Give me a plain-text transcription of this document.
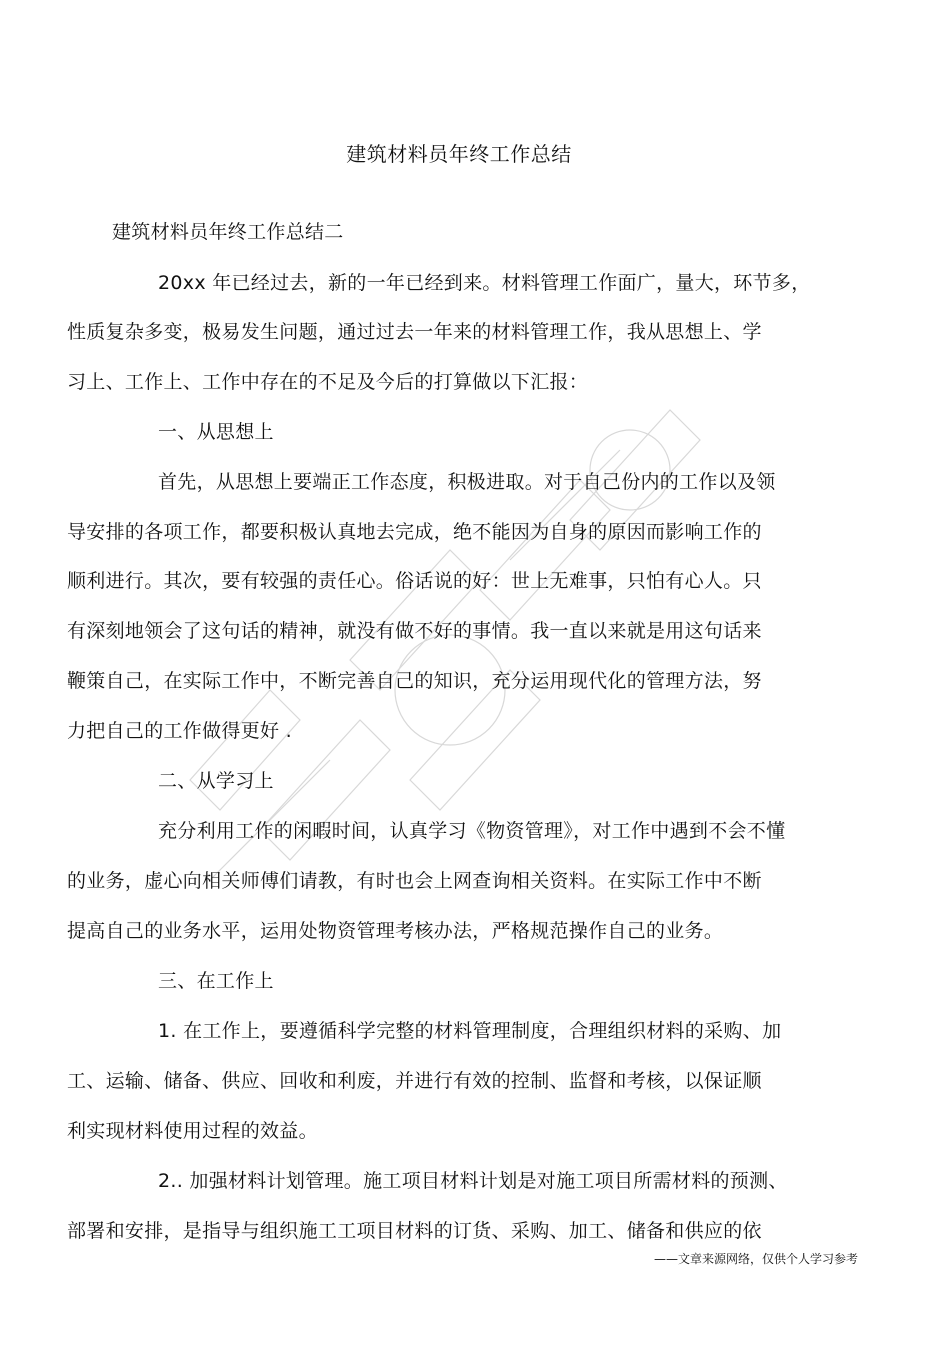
建筑材料员年终工作总结
建筑材料员年终工作总结二
20xx 年已经过去，新的一年已经到来。材料管理工作面广，量大，环节多，
性质复杂多变，极易发生问题，通过过去一年来的材料管理工作，我从思想上、学
习上、工作上、工作中存在的不足及今后的打算做以下汇报：
一、从思想上
首先，从思想上要端正工作态度，积极进取。对于自己份内的工作以及领
导安排的各项工作，都要积极认真地去完成，绝不能因为自身的原因而影响工作的
顺利进行。其次，要有较强的责任心。俗话说的好：世上无难事，只怕有心人。只
有深刻地领会了这句话的精神，就没有做不好的事情。我一直以来就是用这句话来
鞭策自己，在实际工作中，不断完善自己的知识，充分运用现代化的管理方法，努
力把自己的工作做得更好 .
二、从学习上
充分利用工作的闲暇时间，认真学习《物资管理》，对工作中遇到不会不懂
的业务，虚心向相关师傅们请教，有时也会上网查询相关资料。在实际工作中不断
提高自己的业务水平，运用处物资管理考核办法，严格规范操作自己的业务。
三、在工作上
1. 在工作上，要遵循科学完整的材料管理制度，合理组织材料的采购、加
工、运输、储备、供应、回收和利废，并进行有效的控制、监督和考核，以保证顺
利实现材料使用过程的效益。
2.. 加强材料计划管理。施工项目材料计划是对施工项目所需材料的预测、
部署和安排，是指导与组织施工工项目材料的订货、采购、加工、储备和供应的依
——文章来源网络，仅供个人学习参考
